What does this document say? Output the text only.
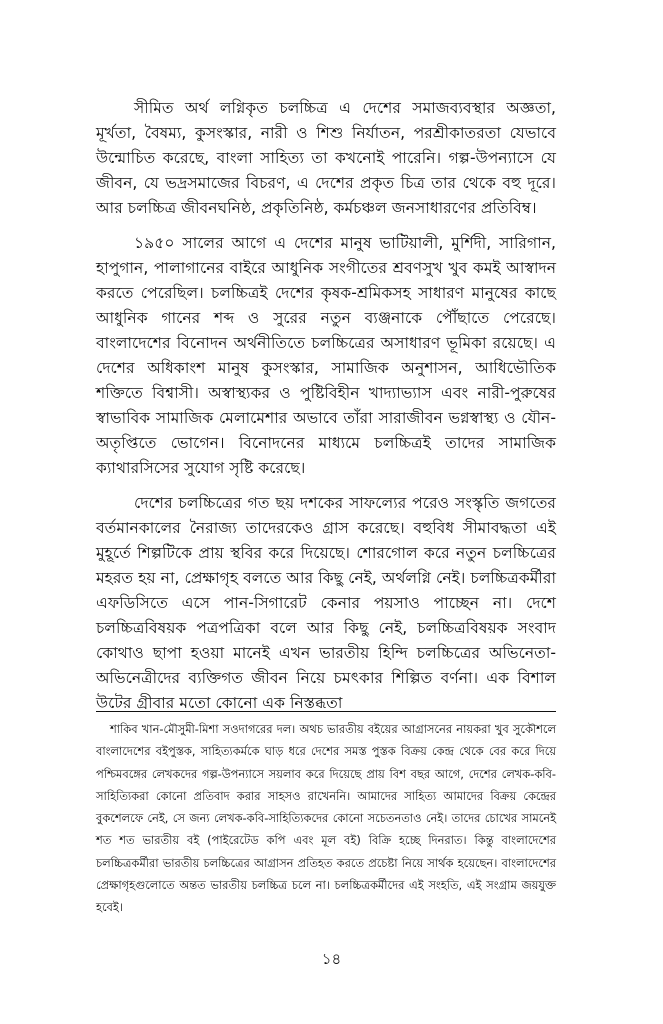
সীমিত অর্থ লগ্নিকৃত চলচ্চিত্র এ দেশের সমাজব্যবস্থার অজ্ঞতা, মূর্খতা, বৈষম্য, কুসংস্কার, নারী ও শিশু নির্যাতন, পরশ্রীকাতরতা যেভাবে উন্মোচিত করেছে, বাংলা সাহিত্য তা কখনোই পারেনি। গল্প-উপন্যাসে যে জীবন, যে ভদ্রসমাজের বিচরণ, এ দেশের প্রকৃত চিত্র তার থেকে বহু দূরে। আর চলচ্চিত্র জীবনঘনিষ্ঠ, প্রকৃতিনিষ্ঠ, কর্মচঞ্চল জনসাধারণের প্রতিবিম্ব।

১৯৫০ সালের আগে এ দেশের মানুষ ভাটিয়ালী, মুর্শিদী, সারিগান, হাপুগান, পালাগানের বাইরে আধুনিক সংগীতের শ্রবণসুখ খুব কমই আস্বাদন করতে পেরেছিল। চলচ্চিত্রই দেশের কৃষক-শ্রমিকসহ সাধারণ মানুষের কাছে আধুনিক গানের শব্দ ও সুরের নতুন ব্যঞ্জনাকে পৌঁছাতে পেরেছে। বাংলাদেশের বিনোদন অর্থনীতিতে চলচ্চিত্রের অসাধারণ ভূমিকা রয়েছে। এ দেশের অধিকাংশ মানুষ কুসংস্কার, সামাজিক অনুশাসন, আধিভৌতিক শক্তিতে বিশ্বাসী। অস্বাস্থ্যকর ও পুষ্টিবিহীন খাদ্যাভ্যাস এবং নারী-পুরুষের স্বাভাবিক সামাজিক মেলামেশার অভাবে তাঁরা সারাজীবন ভগ্নস্বাস্থ্য ও যৌন-অতৃপ্তিতে ভোগেন। বিনোদনের মাধ্যমে চলচ্চিত্রই তাদের সামাজিক ক্যাথারসিসের সুযোগ সৃষ্টি করেছে।

দেশের চলচ্চিত্রের গত ছয় দশকের সাফল্যের পরেও সংস্কৃতি জগতের বর্তমানকালের নৈরাজ্য তাদেরকেও গ্রাস করেছে। বহুবিধ সীমাবদ্ধতা এই মুহূর্তে শিল্পটিকে প্রায় স্থবির করে দিয়েছে। শোরগোল করে নতুন চলচ্চিত্রের মহরত হয় না, প্রেক্ষাগৃহ বলতে আর কিছু নেই, অর্থলগ্নি নেই। চলচ্চিত্রকর্মীরা এফডিসিতে এসে পান-সিগারেট কেনার পয়সাও পাচ্ছেন না। দেশে চলচ্চিত্রবিষয়ক পত্রপত্রিকা বলে আর কিছু নেই, চলচ্চিত্রবিষয়ক সংবাদ কোথাও ছাপা হওয়া মানেই এখন ভারতীয় হিন্দি চলচ্চিত্রের অভিনেতা-অভিনেত্রীদের ব্যক্তিগত জীবন নিয়ে চমৎকার শিল্পিত বর্ণনা। এক বিশাল উটের গ্রীবার মতো কোনো এক নিস্তব্ধতা

শাকিব খান-মৌসুমী-মিশা সওদাগরের দল। অথচ ভারতীয় বইয়ের আগ্রাসনের নায়করা খুব সুকৌশলে বাংলাদেশের বইপুস্তক, সাহিত্যকর্মকে ঘাড় ধরে দেশের সমস্ত পুস্তক বিক্রয় কেন্দ্র থেকে বের করে দিয়ে পশ্চিমবঙ্গের লেখকদের গল্প-উপন্যাসে সয়লাব করে দিয়েছে প্রায় বিশ বছর আগে, দেশের লেখক-কবি-সাহিত্যিকরা কোনো প্রতিবাদ করার সাহসও রাখেননি। আমাদের সাহিত্য আমাদের বিক্রয় কেন্দ্রের বুকশেলফে নেই, সে জন্য লেখক-কবি-সাহিত্যিকদের কোনো সচেতনতাও নেই। তাদের চোখের সামনেই শত শত ভারতীয় বই (পাইরেটেড কপি এবং মূল বই) বিক্রি হচ্ছে দিনরাত। কিন্তু বাংলাদেশের চলচ্চিত্রকর্মীরা ভারতীয় চলচ্চিত্রের আগ্রাসন প্রতিহত করতে প্রচেষ্টা নিয়ে সার্থক হয়েছেন। বাংলাদেশের প্রেক্ষাগৃহগুলোতে অন্তত ভারতীয় চলচ্চিত্র চলে না। চলচ্চিত্রকর্মীদের এই সংহতি, এই সংগ্রাম জয়যুক্ত হবেই।

১৪
